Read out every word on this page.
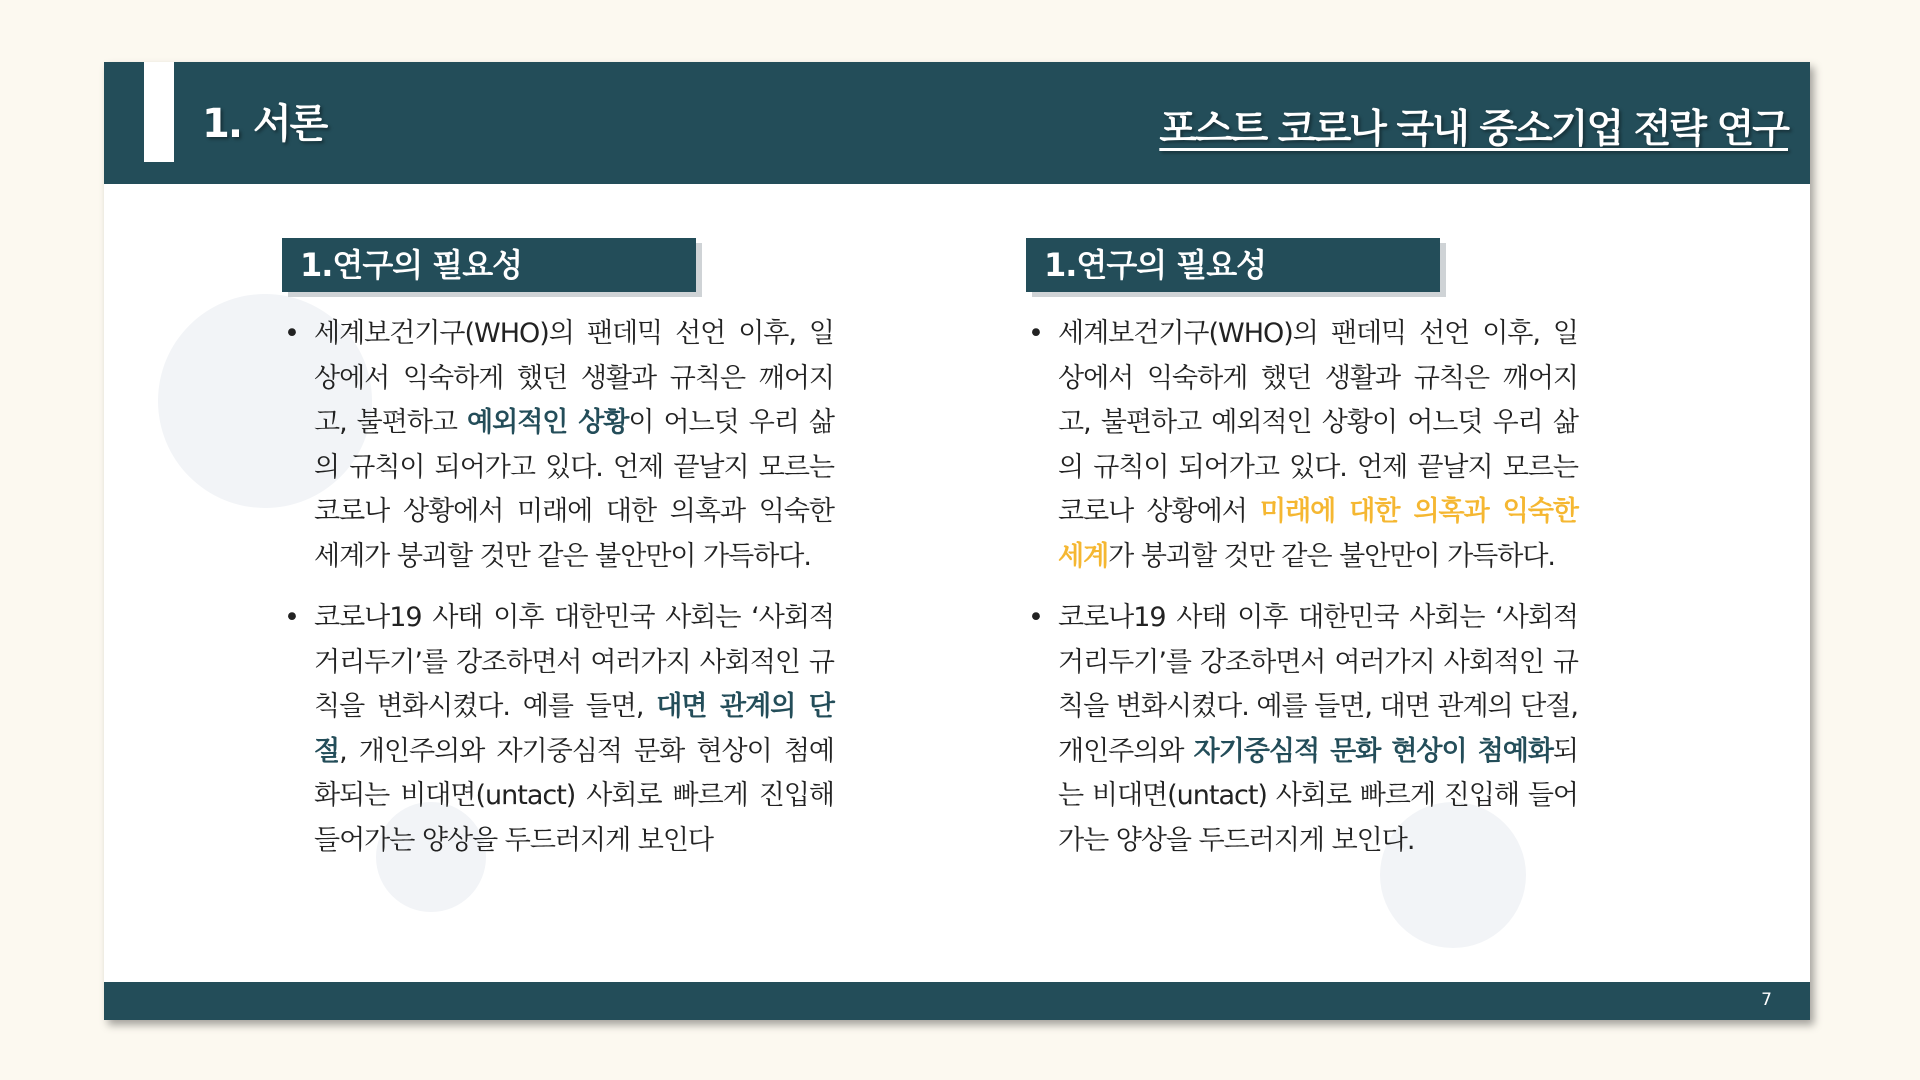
1. 서론	포스트 코로나 국내 중소기업 전략 연구
1.연구의 필요성
• 세계보건기구(WHO)의 팬데믹 선언 이후, 일상에서 익숙하게 했던 생활과 규칙은 깨어지고, 불편하고 예외적인 상황이 어느덧 우리 삶의 규칙이 되어가고 있다. 언제 끝날지 모르는 코로나 상황에서 미래에 대한 의혹과 익숙한 세계가 붕괴할 것만 같은 불안만이 가득하다.
• 코로나19 사태 이후 대한민국 사회는 ‘사회적 거리두기’를 강조하면서 여러가지 사회적인 규칙을 변화시켰다. 예를 들면, 대면 관계의 단절, 개인주의와 자기중심적 문화 현상이 첨예화되는 비대면(untact) 사회로 빠르게 진입해 들어가는 양상을 두드러지게 보인다
1.연구의 필요성
• 세계보건기구(WHO)의 팬데믹 선언 이후, 일상에서 익숙하게 했던 생활과 규칙은 깨어지고, 불편하고 예외적인 상황이 어느덧 우리 삶의 규칙이 되어가고 있다. 언제 끝날지 모르는 코로나 상황에서 미래에 대한 의혹과 익숙한 세계가 붕괴할 것만 같은 불안만이 가득하다.
• 코로나19 사태 이후 대한민국 사회는 ‘사회적 거리두기’를 강조하면서 여러가지 사회적인 규칙을 변화시켰다. 예를 들면, 대면 관계의 단절, 개인주의와 자기중심적 문화 현상이 첨예화되는 비대면(untact) 사회로 빠르게 진입해 들어가는 양상을 두드러지게 보인다.
7
